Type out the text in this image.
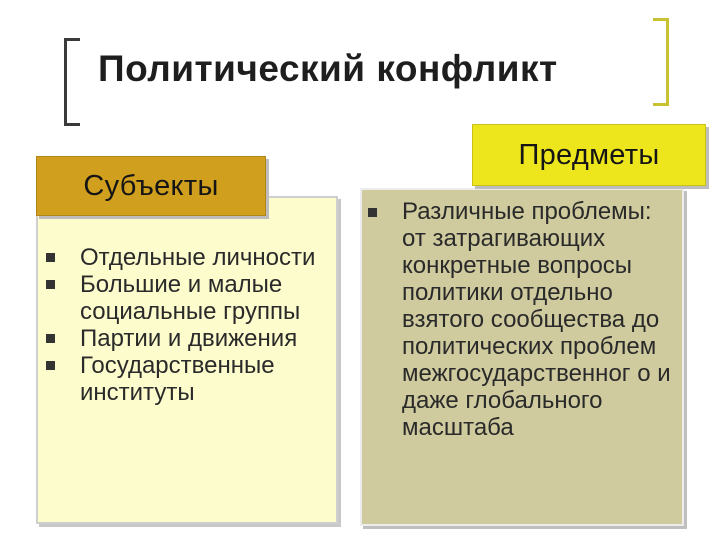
Политический конфликт
Субъекты
Отдельные личности
Большие и малые социальные группы
Партии и движения
Государственные институты
Предметы
Различные проблемы: от затрагивающих конкретные вопросы политики отдельно взятого сообщества до политических проблем межгосударственног о и даже глобального масштаба
